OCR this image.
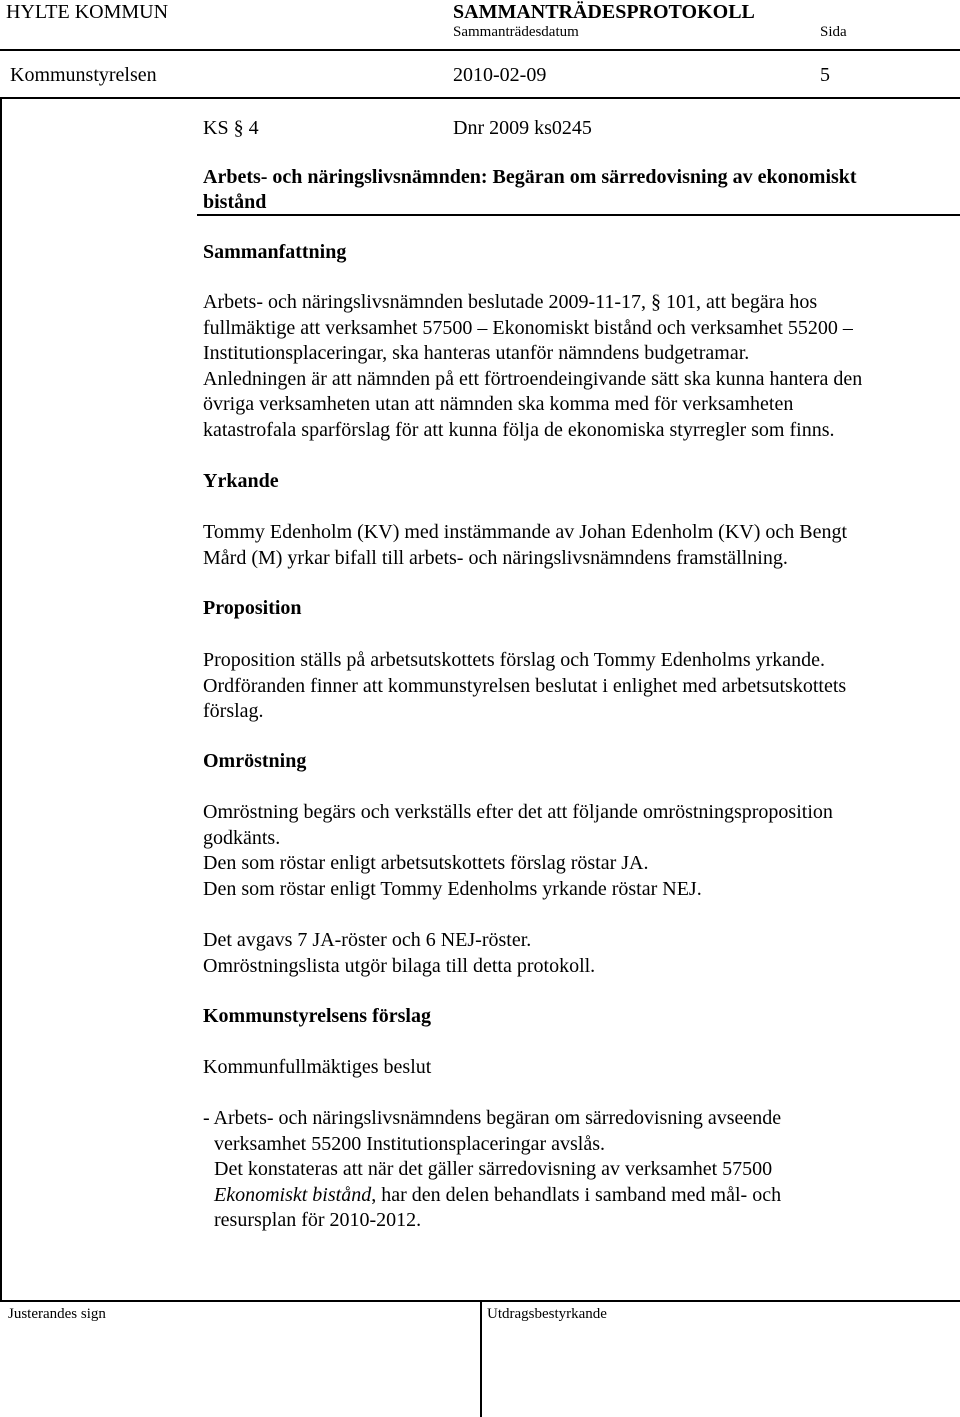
HYLTE KOMMUN	SAMMANTRÄDESPROTOKOLL
Sammanträdesdatum	Sida
Kommunstyrelsen	2010-02-09	5
KS § 4	Dnr 2009 ks0245
Arbets- och näringslivsnämnden: Begäran om särredovisning av ekonomiskt
bistånd
Sammanfattning

Arbets- och näringslivsnämnden beslutade 2009-11-17, § 101, att begära hos

fullmäktige att verksamhet 57500 – Ekonomiskt bistånd och verksamhet 55200 –

Institutionsplaceringar, ska hanteras utanför nämndens budgetramar.

Anledningen är att nämnden på ett förtroendeingivande sätt ska kunna hantera den

övriga verksamheten utan att nämnden ska komma med för verksamheten

katastrofala sparförslag för att kunna följa de ekonomiska styrregler som finns.

Yrkande

Tommy Edenholm (KV) med instämmande av Johan Edenholm (KV) och Bengt

Mård (M) yrkar bifall till arbets- och näringslivsnämndens framställning.

Proposition

Proposition ställs på arbetsutskottets förslag och Tommy Edenholms yrkande.

Ordföranden finner att kommunstyrelsen beslutat i enlighet med arbetsutskottets

förslag.

Omröstning

Omröstning begärs och verkställs efter det att följande omröstningsproposition

godkänts.

Den som röstar enligt arbetsutskottets förslag röstar JA.

Den som röstar enligt Tommy Edenholms yrkande röstar NEJ.

Det avgavs 7 JA-röster och 6 NEJ-röster.

Omröstningslista utgör bilaga till detta protokoll.

Kommunstyrelsens förslag
Kommunfullmäktiges beslut

- Arbets- och näringslivsnämndens begäran om särredovisning avseende

verksamhet 55200 Institutionsplaceringar avslås.

Det konstateras att när det gäller särredovisning av verksamhet 57500

Ekonomiskt bistånd, har den delen behandlats i samband med mål- och

resursplan för 2010-2012.

Justerandes sign	Utdragsbestyrkande
